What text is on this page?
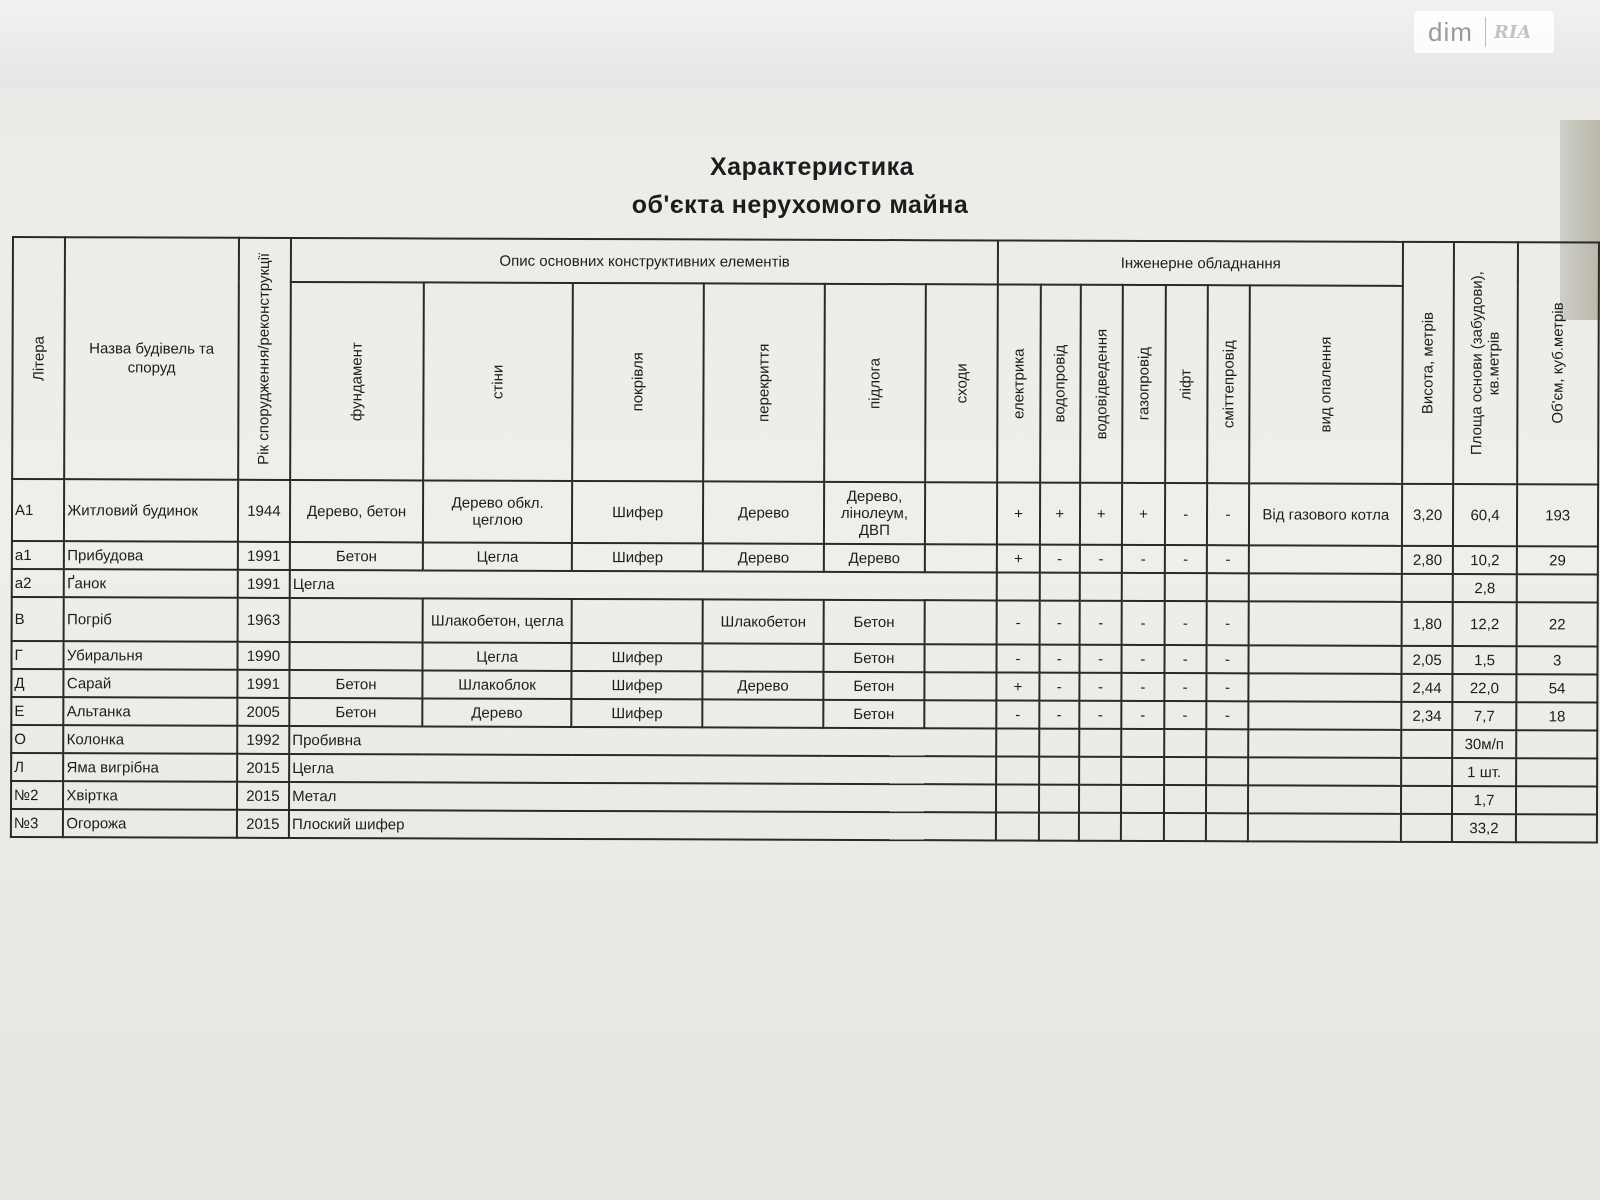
dim RIA
Характеристика
об'єкта нерухомого майна
Літера	Назва будівель та споруд	Рік спорудження/реконструкції	Опис основних конструктивних елементів						Інженерне обладнання							Висота, метрів	Площа основи (забудови), кв.метрів	Об'єм, куб.метрів

			фундамент	стіни	покрівля	перекриття	підлога	сходи	електрика	водопровід	водовідведення	газопровід	ліфт	сміттепровід	вид опалення			

А1	Житловий будинок	1944	Дерево, бетон	Дерево обкл. цеглою	Шифер	Дерево	Дерево, лінолеум, ДВП		+	+	+	+	-	-	Від газового котла	3,20	60,4	193
а1	Прибудова	1991	Бетон	Цегла	Шифер	Дерево	Дерево		+	-	-	-	-	-		2,80	10,2	29
а2	Ґанок	1991	Цегла														2,8	
В	Погріб	1963		Шлакобетон, цегла		Шлакобетон	Бетон		-	-	-	-	-	-		1,80	12,2	22
Г	Убиральня	1990		Цегла	Шифер		Бетон		-	-	-	-	-	-		2,05	1,5	3
Д	Сарай	1991	Бетон	Шлакоблок	Шифер	Дерево	Бетон		+	-	-	-	-	-		2,44	22,0	54
Е	Альтанка	2005	Бетон	Дерево	Шифер		Бетон		-	-	-	-	-	-		2,34	7,7	18
О	Колонка	1992	Пробивна														30м/п	
Л	Яма вигрібна	2015	Цегла														1 шт.	
№2	Хвіртка	2015	Метал														1,7	
№3	Огорожа	2015	Плоский шифер														33,2	
